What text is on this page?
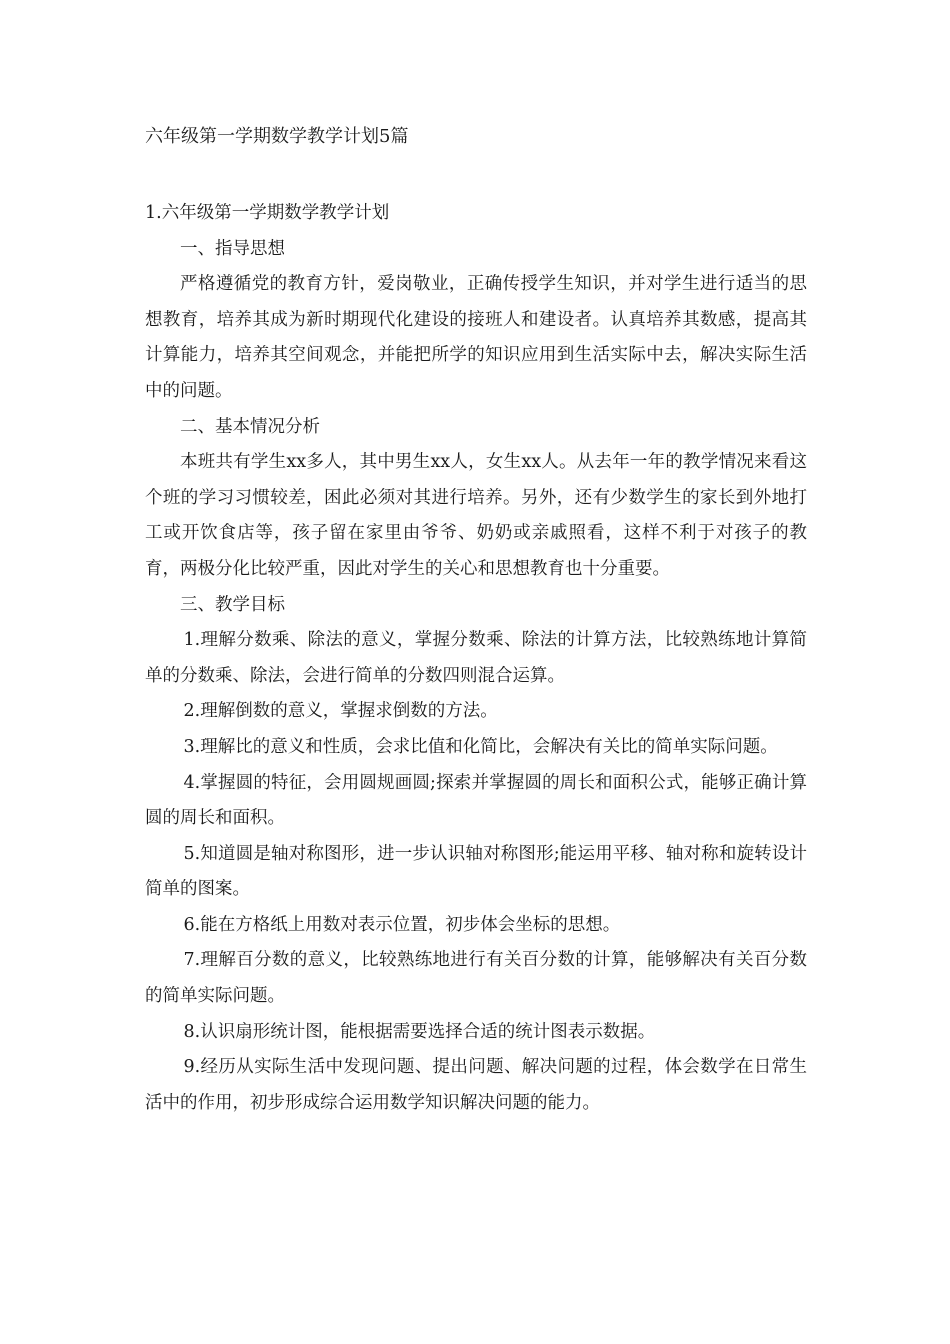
六年级第一学期数学教学计划5篇

1.六年级第一学期数学教学计划

一、指导思想

严格遵循党的教育方针，爱岗敬业，正确传授学生知识，并对学生进行适当的思想教育，培养其成为新时期现代化建设的接班人和建设者。认真培养其数感，提高其计算能力，培养其空间观念，并能把所学的知识应用到生活实际中去，解决实际生活中的问题。

二、基本情况分析

本班共有学生xx多人，其中男生xx人，女生xx人。从去年一年的教学情况来看这个班的学习习惯较差，困此必须对其进行培养。另外，还有少数学生的家长到外地打工或开饮食店等，孩子留在家里由爷爷、奶奶或亲戚照看，这样不利于对孩子的教育，两极分化比较严重，因此对学生的关心和思想教育也十分重要。

三、教学目标

1.理解分数乘、除法的意义，掌握分数乘、除法的计算方法，比较熟练地计算简单的分数乘、除法，会进行简单的分数四则混合运算。

2.理解倒数的意义，掌握求倒数的方法。

3.理解比的意义和性质，会求比值和化简比，会解决有关比的简单实际问题。

4.掌握圆的特征，会用圆规画圆;探索并掌握圆的周长和面积公式，能够正确计算圆的周长和面积。

5.知道圆是轴对称图形，进一步认识轴对称图形;能运用平移、轴对称和旋转设计简单的图案。

6.能在方格纸上用数对表示位置，初步体会坐标的思想。

7.理解百分数的意义，比较熟练地进行有关百分数的计算，能够解决有关百分数的简单实际问题。

8.认识扇形统计图，能根据需要选择合适的统计图表示数据。

9.经历从实际生活中发现问题、提出问题、解决问题的过程，体会数学在日常生活中的作用，初步形成综合运用数学知识解决问题的能力。
